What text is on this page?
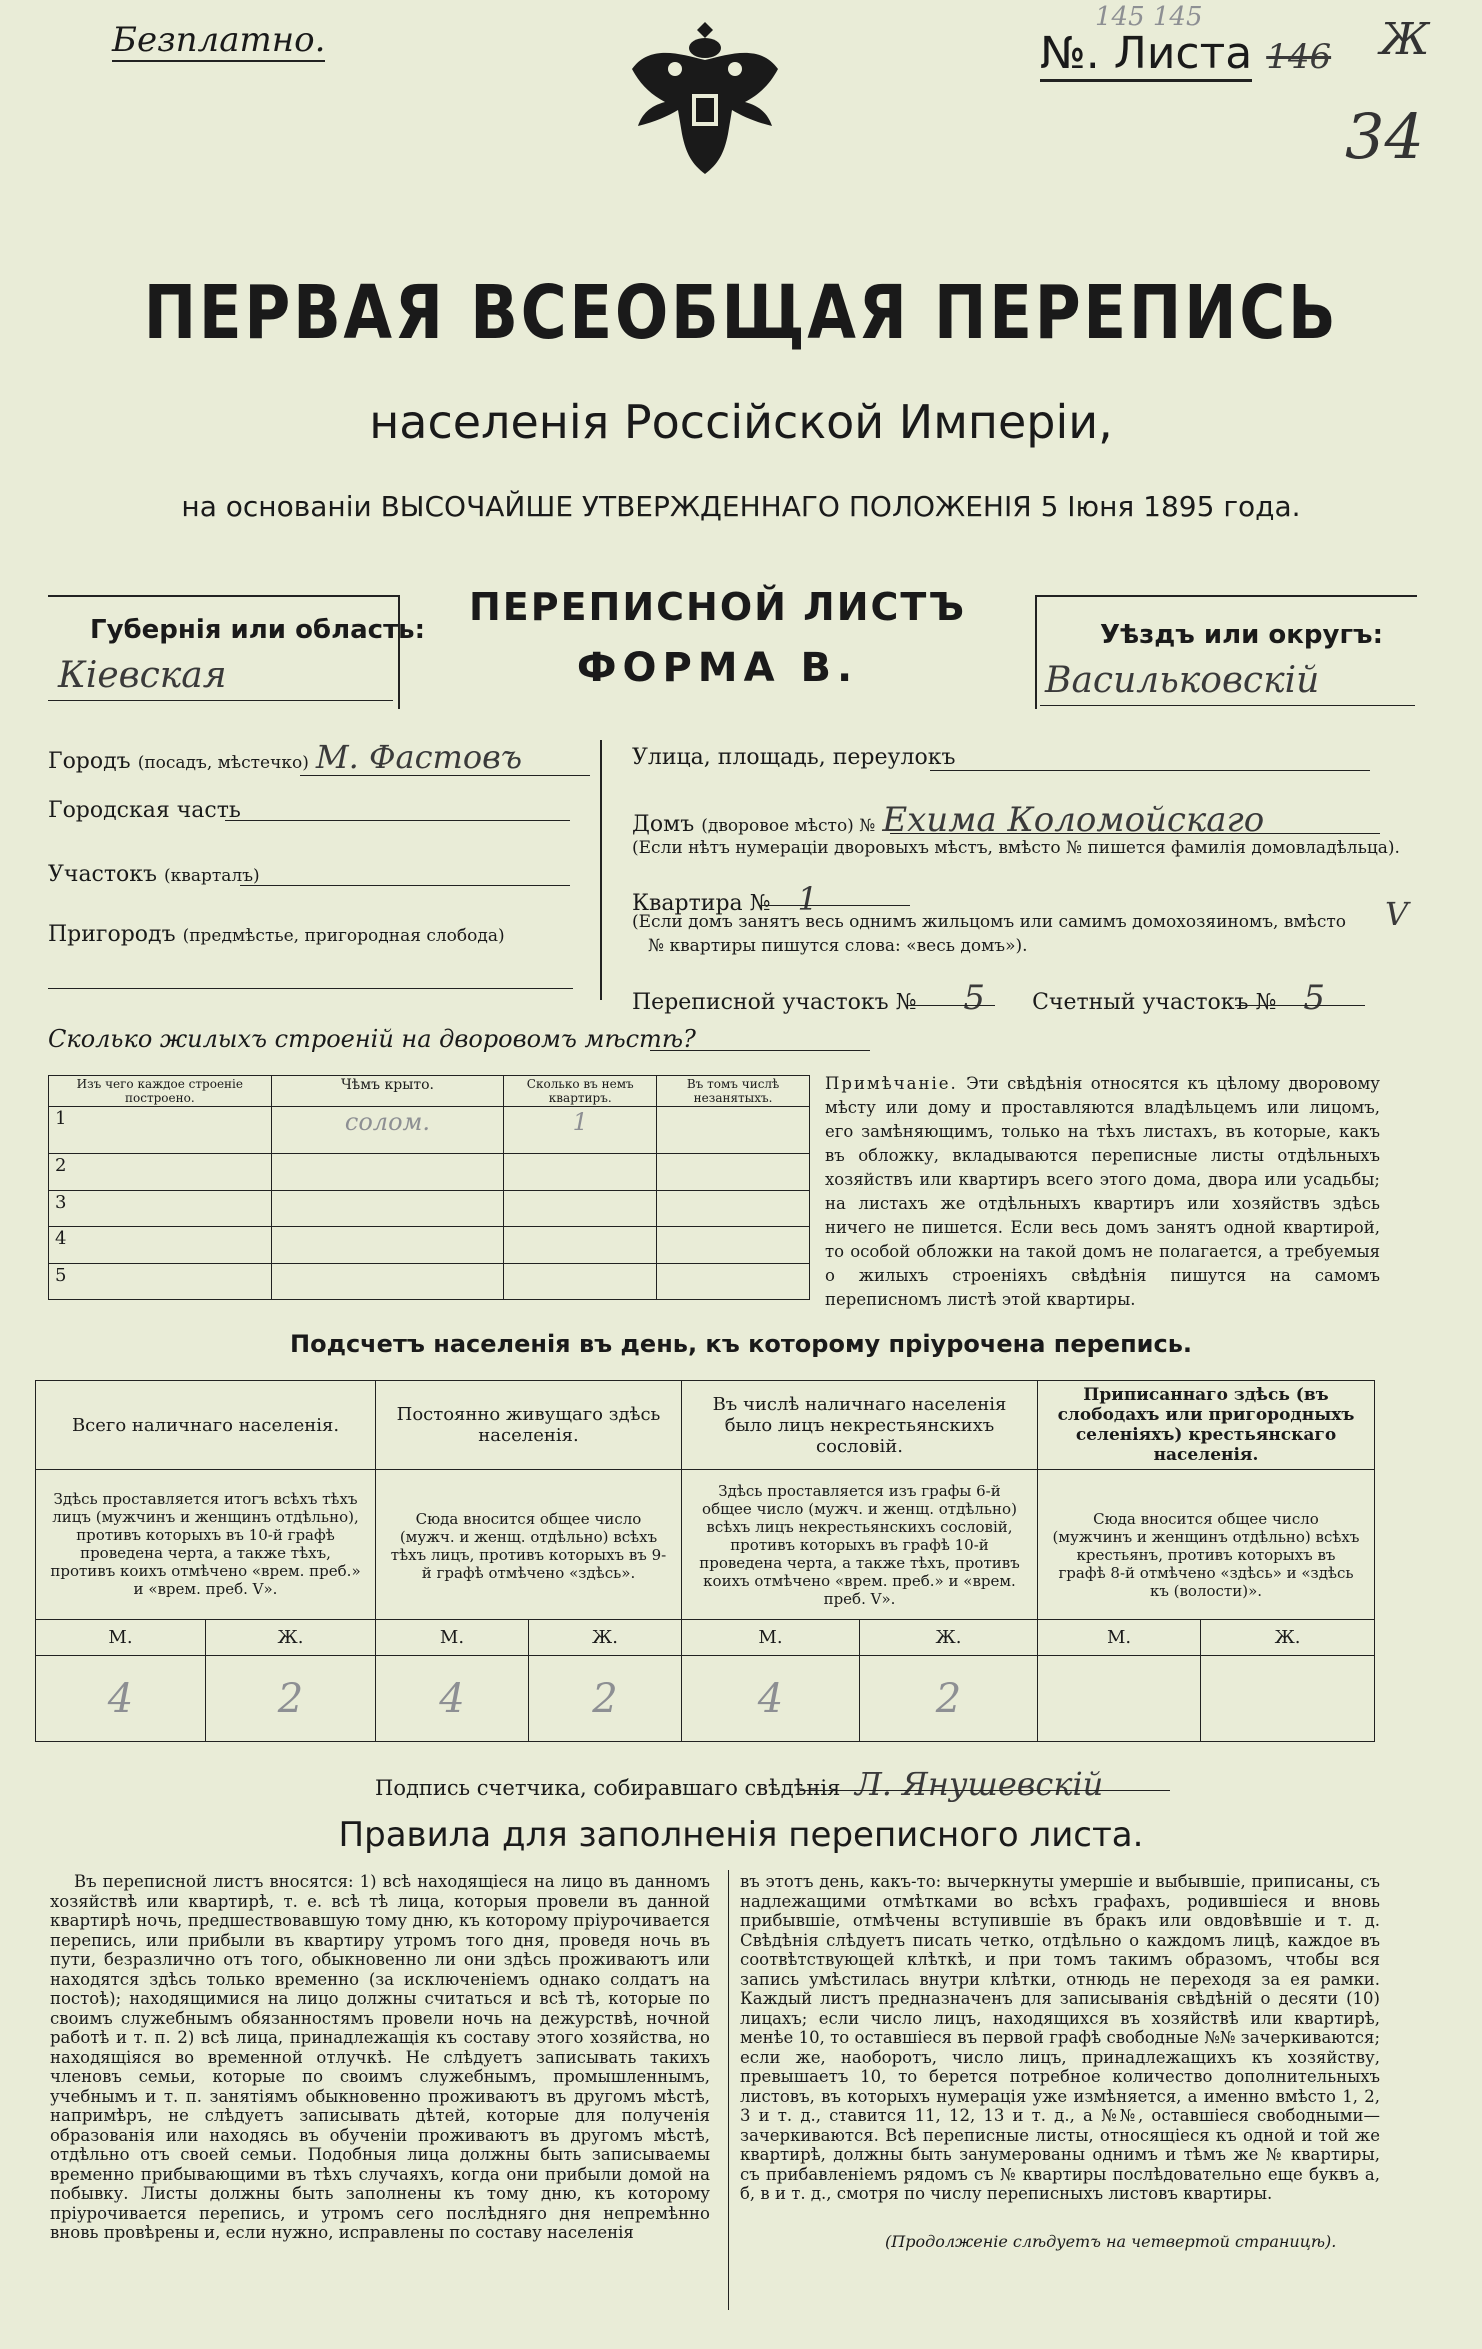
Безплатно.	№. Листа 146
145 145	Ж
34
ПЕРВАЯ ВСЕОБЩАЯ ПЕРЕПИСЬ
населенія Россійской Имперіи,
на основаніи ВЫСОЧАЙШЕ УТВЕРЖДЕННАГО ПОЛОЖЕНІЯ 5 Іюня 1895 года.
Губернія или область:
Кіевская
ПЕРЕПИСНОЙ ЛИСТЪ
ФОРМА В.
Уѣздъ или округъ:
Васильковскій
Городъ (посадъ, мѣстечко) М. Фастовъ
Городская часть
Участокъ (кварталъ)
Пригородъ (предмѣстье, пригородная слобода)
Улица, площадь, переулокъ
Домъ (дворовое мѣсто) № Ехима Коломойскаго
(Если нѣтъ нумераціи дворовыхъ мѣстъ, вмѣсто № пишется фамилія домовладѣльца).
Квартира № 1
(Если домъ занятъ весь однимъ жильцомъ или самимъ домохозяиномъ, вмѣсто
№ квартиры пишутся слова: «весь домъ»).
V
Переписной участокъ № 5 Счетный участокъ № 5
Сколько жилыхъ строеній на дворовомъ мѣстѣ?
Изъ чего каждое строеніе построено.	Чѣмъ крыто.	Сколько въ немъ квартиръ.	Въ томъ числѣ незанятыхъ.
1	солом.	1	
2			
3			
4			
5			
Примѣчаніе. Эти свѣдѣнія относятся къ цѣлому дворовому мѣсту или дому и проставляются владѣльцемъ или лицомъ, его замѣняющимъ, только на тѣхъ листахъ, въ которые, какъ въ обложку, вкладываются переписные листы отдѣльныхъ хозяйствъ или квартиръ всего этого дома, двора или усадьбы; на листахъ же отдѣльныхъ квартиръ или хозяйствъ здѣсь ничего не пишется. Если весь домъ занятъ одной квартирой, то особой обложки на такой домъ не полагается, а требуемыя о жилыхъ строеніяхъ свѣдѣнія пишутся на самомъ переписномъ листѣ этой квартиры.
Подсчетъ населенія въ день, къ которому пріурочена перепись.
Всего наличнаго населенія.		Постоянно живущаго здѣсь населенія.		Въ числѣ наличнаго населенія было лицъ некрестьянскихъ сословій.		Приписаннаго здѣсь (въ слободахъ или пригородныхъ селеніяхъ) крестьянскаго населенія.	
Здѣсь проставляется итогъ всѣхъ тѣхъ лицъ (мужчинъ и женщинъ отдѣльно), противъ которыхъ въ 10-й графѣ проведена черта, а также тѣхъ, противъ коихъ отмѣчено «врем. преб.» и «врем. преб. V».		Сюда вносится общее число (мужч. и женщ. отдѣльно) всѣхъ тѣхъ лицъ, противъ которыхъ въ 9-й графѣ отмѣчено «здѣсь».		Здѣсь проставляется изъ графы 6-й общее число (мужч. и женщ. отдѣльно) всѣхъ лицъ некрестьянскихъ сословій, противъ которыхъ въ графѣ 10-й проведена черта, а также тѣхъ, противъ коихъ отмѣчено «врем. преб.» и «врем. преб. V».		Сюда вносится общее число (мужчинъ и женщинъ отдѣльно) всѣхъ крестьянъ, противъ которыхъ въ графѣ 8-й отмѣчено «здѣсь» и «здѣсь къ (волости)».	
М.	Ж.	М.	Ж.	М.	Ж.	М.	Ж.
4	2	4	2	4	2		
Подпись счетчика, собиравшаго свѣдѣнія Л. Янушевскій
Правила для заполненія переписного листа.
Въ переписной листъ вносятся: 1) всѣ находящіеся на лицо въ данномъ хозяйствѣ или квартирѣ, т. е. всѣ тѣ лица, которыя провели въ данной квартирѣ ночь, предшествовавшую тому дню, къ которому пріурочивается перепись, или прибыли въ квартиру утромъ того дня, проведя ночь въ пути, безразлично отъ того, обыкновенно ли они здѣсь проживаютъ или находятся здѣсь только временно (за исключеніемъ однако солдатъ на постоѣ); находящимися на лицо должны считаться и всѣ тѣ, которые по своимъ служебнымъ обязанностямъ провели ночь на дежурствѣ, ночной работѣ и т. п. 2) всѣ лица, принадлежащія къ составу этого хозяйства, но находящіяся во временной отлучкѣ. Не слѣдуетъ записывать такихъ членовъ семьи, которые по своимъ служебнымъ, промышленнымъ, учебнымъ и т. п. занятіямъ обыкновенно проживаютъ въ другомъ мѣстѣ, напримѣръ, не слѣдуетъ записывать дѣтей, которые для полученія образованія или находясь въ обученіи проживаютъ въ другомъ мѣстѣ, отдѣльно отъ своей семьи. Подобныя лица должны быть записываемы временно прибывающими въ тѣхъ случаяхъ, когда они прибыли домой на побывку. Листы должны быть заполнены къ тому дню, къ которому пріурочивается перепись, и утромъ сего послѣдняго дня непремѣнно вновь провѣрены и, если нужно, исправлены по составу населенія
въ этотъ день, какъ-то: вычеркнуты умершіе и выбывшіе, приписаны, съ надлежащими отмѣтками во всѣхъ графахъ, родившіеся и вновь прибывшіе, отмѣчены вступившіе въ бракъ или овдовѣвшіе и т. д. Свѣдѣнія слѣдуетъ писать четко, отдѣльно о каждомъ лицѣ, каждое въ соотвѣтствующей клѣткѣ, и при томъ такимъ образомъ, чтобы вся запись умѣстилась внутри клѣтки, отнюдь не переходя за ея рамки. Каждый листъ предназначенъ для записыванія свѣдѣній о десяти (10) лицахъ; если число лицъ, находящихся въ хозяйствѣ или квартирѣ, менѣе 10, то оставшіеся въ первой графѣ свободные №№ зачеркиваются; если же, наоборотъ, число лицъ, принадлежащихъ къ хозяйству, превышаетъ 10, то берется потребное количество дополнительныхъ листовъ, въ которыхъ нумерація уже измѣняется, а именно вмѣсто 1, 2, 3 и т. д., ставится 11, 12, 13 и т. д., а №№, оставшіеся свободными—зачеркиваются. Всѣ переписные листы, относящіеся къ одной и той же квартирѣ, должны быть занумерованы однимъ и тѣмъ же № квартиры, съ прибавленіемъ рядомъ съ № квартиры послѣдовательно еще буквъ а, б, в и т. д., смотря по числу переписныхъ листовъ квартиры.
(Продолженіе слѣдуетъ на четвертой страницѣ).
